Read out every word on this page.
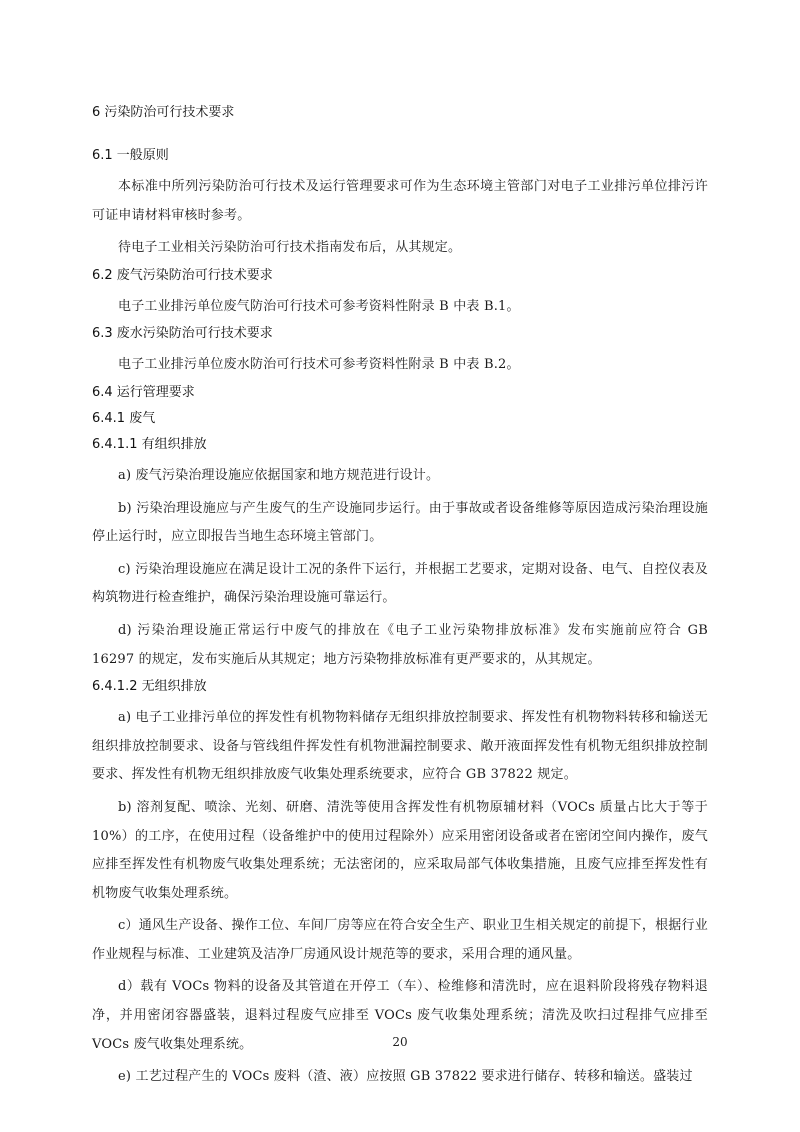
6 污染防治可行技术要求
6.1 一般原则

本标准中所列污染防治可行技术及运行管理要求可作为生态环境主管部门对电子工业排污单位排污许可证申请材料审核时参考。

待电子工业相关污染防治可行技术指南发布后，从其规定。

6.2 废气污染防治可行技术要求

电子工业排污单位废气防治可行技术可参考资料性附录 B 中表 B.1。

6.3 废水污染防治可行技术要求

电子工业排污单位废水防治可行技术可参考资料性附录 B 中表 B.2。

6.4 运行管理要求
6.4.1 废气
6.4.1.1 有组织排放

a) 废气污染治理设施应依据国家和地方规范进行设计。

b) 污染治理设施应与产生废气的生产设施同步运行。由于事故或者设备维修等原因造成污染治理设施停止运行时，应立即报告当地生态环境主管部门。

c) 污染治理设施应在满足设计工况的条件下运行，并根据工艺要求，定期对设备、电气、自控仪表及构筑物进行检查维护，确保污染治理设施可靠运行。

d) 污染治理设施正常运行中废气的排放在《电子工业污染物排放标准》发布实施前应符合 GB 16297 的规定，发布实施后从其规定；地方污染物排放标准有更严要求的，从其规定。

6.4.1.2 无组织排放

a) 电子工业排污单位的挥发性有机物物料储存无组织排放控制要求、挥发性有机物物料转移和输送无组织排放控制要求、设备与管线组件挥发性有机物泄漏控制要求、敞开液面挥发性有机物无组织排放控制要求、挥发性有机物无组织排放废气收集处理系统要求，应符合 GB 37822 规定。

b) 溶剂复配、喷涂、光刻、研磨、清洗等使用含挥发性有机物原辅材料（VOCs 质量占比大于等于 10%）的工序，在使用过程（设备维护中的使用过程除外）应采用密闭设备或者在密闭空间内操作，废气应排至挥发性有机物废气收集处理系统；无法密闭的，应采取局部气体收集措施，且废气应排至挥发性有机物废气收集处理系统。

c）通风生产设备、操作工位、车间厂房等应在符合安全生产、职业卫生相关规定的前提下，根据行业作业规程与标准、工业建筑及洁净厂房通风设计规范等的要求，采用合理的通风量。

d）载有 VOCs 物料的设备及其管道在开停工（车）、检维修和清洗时，应在退料阶段将残存物料退净，并用密闭容器盛装，退料过程废气应排至 VOCs 废气收集处理系统；清洗及吹扫过程排气应排至 VOCs 废气收集处理系统。

e) 工艺过程产生的 VOCs 废料（渣、液）应按照 GB 37822 要求进行储存、转移和输送。盛装过

20
